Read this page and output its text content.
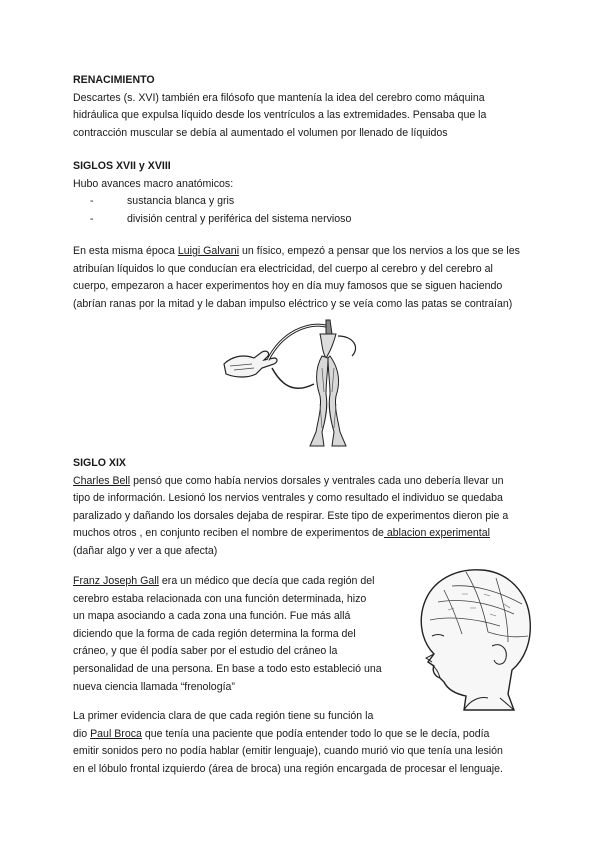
RENACIMIENTO
Descartes (s. XVI) también era filósofo que mantenía la idea del cerebro como máquina
hidráulica que expulsa líquido desde los ventrículos a las extremidades. Pensaba que la
contracción muscular se debía al aumentado el volumen por llenado de líquidos
SIGLOS XVII y XVIII
Hubo avances macro anatómicos:
-	sustancia blanca y gris
-	división central y periférica del sistema nervioso
En esta misma época Luigi Galvani un físico, empezó a pensar que los nervios a los que se les
atribuían líquidos lo que conducían era electricidad, del cuerpo al cerebro y del cerebro al
cuerpo, empezaron a hacer experimentos hoy en día muy famosos que se siguen haciendo
(abrían ranas por la mitad y le daban impulso eléctrico y se veía como las patas se contraían)
SIGLO XIX
Charles Bell pensó que como había nervios dorsales y ventrales cada uno debería llevar un
tipo de información. Lesionó los nervios ventrales y como resultado el individuo se quedaba
paralizado y dañando los dorsales dejaba de respirar. Este tipo de experimentos dieron pie a
muchos otros , en conjunto reciben el nombre de experimentos de ablacion experimental
(dañar algo y ver a que afecta)
Franz Joseph Gall era un médico que decía que cada región del
cerebro estaba relacionada con una función determinada, hizo
un mapa asociando a cada zona una función. Fue más allá
diciendo que la forma de cada región determina la forma del
cráneo, y que él podía saber por el estudio del cráneo la
personalidad de una persona. En base a todo esto estableció una
nueva ciencia llamada “frenología”
La primer evidencia clara de que cada región tiene su función la
dio Paul Broca que tenía una paciente que podía entender todo lo que se le decía, podía
emitir sonidos pero no podía hablar (emitir lenguaje), cuando murió vio que tenía una lesión
en el lóbulo frontal izquierdo (área de broca) una región encargada de procesar el lenguaje.
